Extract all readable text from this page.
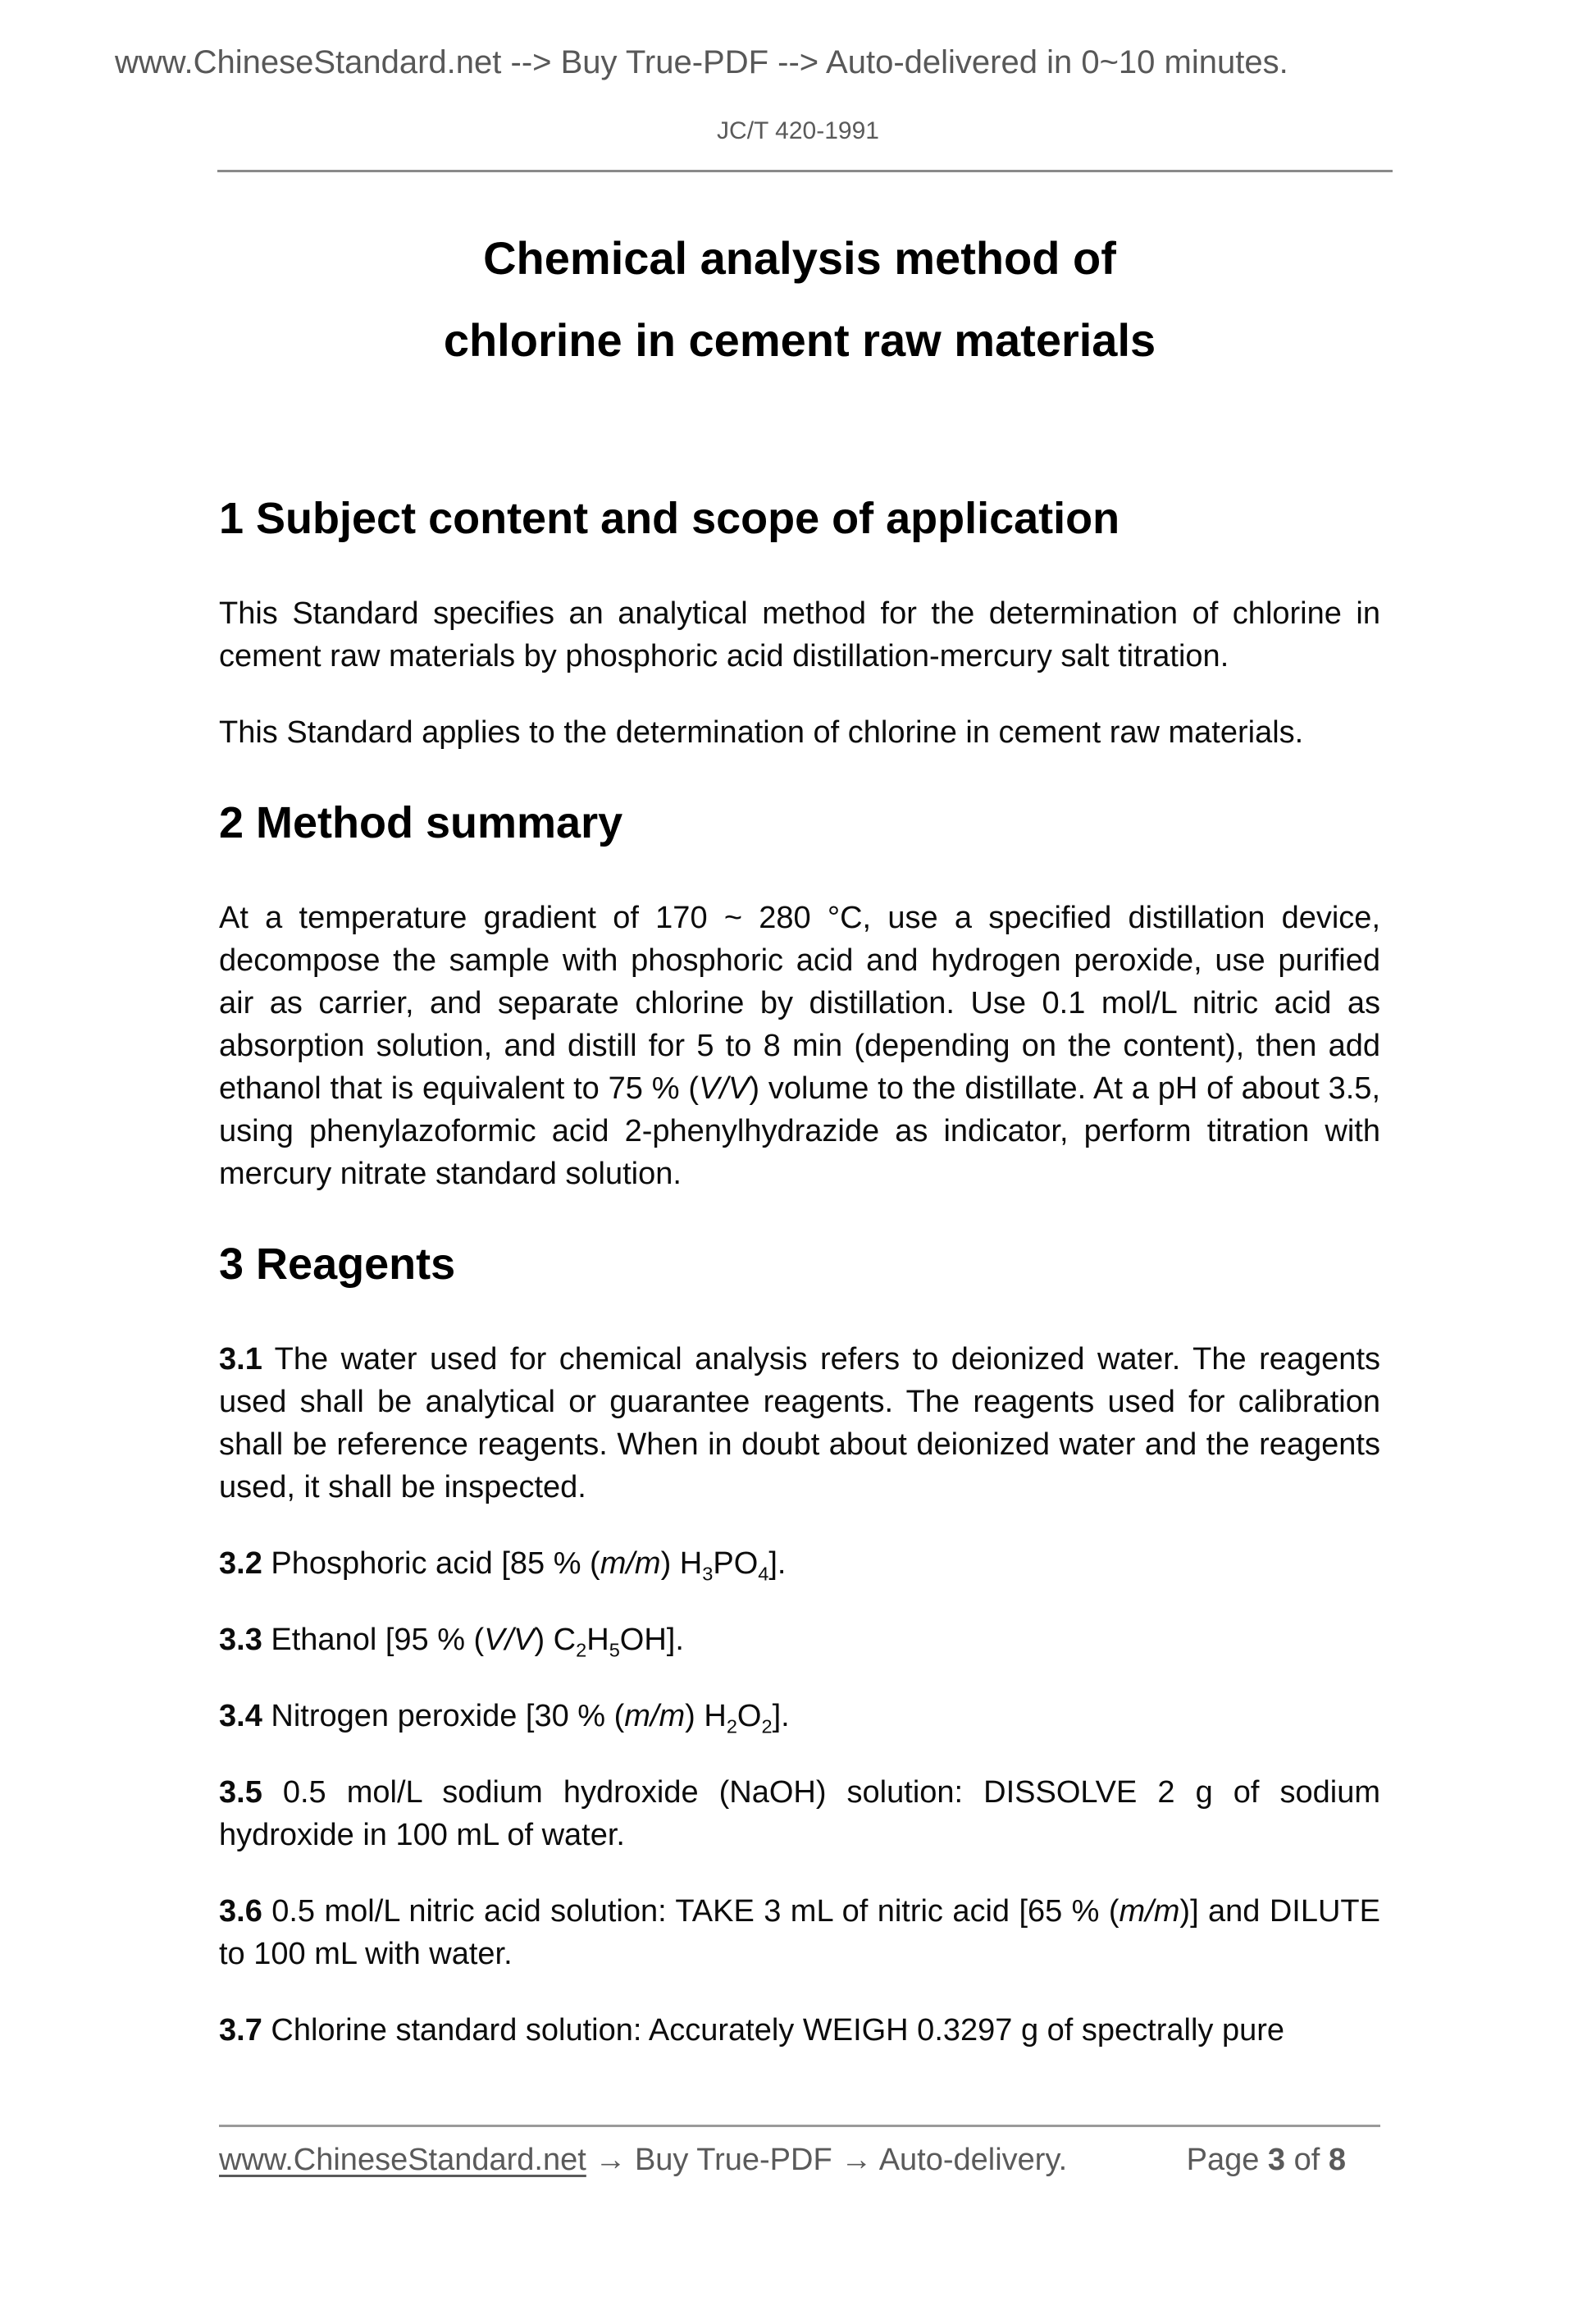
www.ChineseStandard.net --> Buy True-PDF --> Auto-delivered in 0~10 minutes.
JC/T 420-1991
Chemical analysis method of
chlorine in cement raw materials
1 Subject content and scope of application

This Standard specifies an analytical method for the determination of chlorine in cement raw materials by phosphoric acid distillation-mercury salt titration.

This Standard applies to the determination of chlorine in cement raw materials.

2 Method summary

At a temperature gradient of 170 ~ 280 °C, use a specified distillation device, decompose the sample with phosphoric acid and hydrogen peroxide, use purified air as carrier, and separate chlorine by distillation. Use 0.1 mol/L nitric acid as absorption solution, and distill for 5 to 8 min (depending on the content), then add ethanol that is equivalent to 75 % (V/V) volume to the distillate. At a pH of about 3.5, using phenylazoformic acid 2-phenylhydrazide as indicator, perform titration with mercury nitrate standard solution.

3 Reagents

3.1 The water used for chemical analysis refers to deionized water. The reagents used shall be analytical or guarantee reagents. The reagents used for calibration shall be reference reagents. When in doubt about deionized water and the reagents used, it shall be inspected.

3.2 Phosphoric acid [85 % (m/m) $H_3PO_4$].

3.3 Ethanol [95 % (V/V) $C_2H_5OH$].

3.4 Nitrogen peroxide [30 % (m/m) $H_2O_2$].

3.5 0.5 mol/L sodium hydroxide (NaOH) solution: DISSOLVE 2 g of sodium hydroxide in 100 mL of water.

3.6 0.5 mol/L nitric acid solution: TAKE 3 mL of nitric acid [65 % (m/m)] and DILUTE to 100 mL with water.

3.7 Chlorine standard solution: Accurately WEIGH 0.3297 g of spectrally pure

www.ChineseStandard.net → Buy True-PDF → Auto-delivery.	Page 3 of 8
